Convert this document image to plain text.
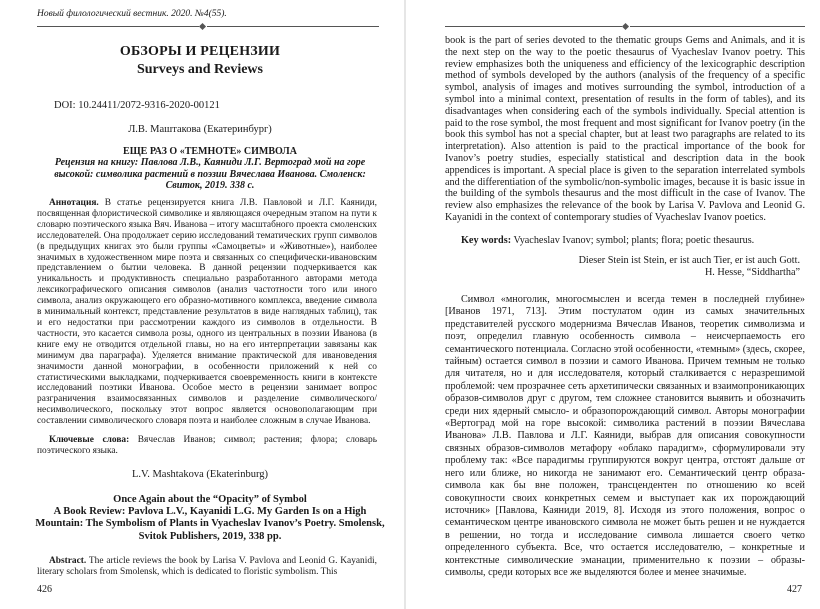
Новый филологический вестник. 2020. №4(55).
ОБЗОРЫ И РЕЦЕНЗИИ
Surveys and Reviews
DOI: 10.24411/2072-9316-2020-00121
Л.В. Маштакова (Екатеринбург)
ЕЩЕ РАЗ О «ТЕМНОТЕ» СИМВОЛА
Рецензия на книгу: Павлова Л.В., Каяниди Л.Г. Вертоград мой на горе высокой: символика растений в поэзии Вячеслава Иванова. Смоленск: Свиток, 2019. 338 с.
Аннотация. В статье рецензируется книга Л.В. Павловой и Л.Г. Каяниди, посвященная флористической символике и являющаяся очередным этапом на пути к словарю поэтического языка Вяч. Иванова – итогу масштабного проекта смоленских исследователей. Она продолжает серию исследований тематических групп символов (в предыдущих книгах это были группы «Самоцветы» и «Животные»), наиболее значимых в художественном мире поэта и связанных со специфически-ивановским представлением о бытии человека. В данной рецензии подчеркивается как уникальность и продуктивность специально разработанного авторами метода лексикографического описания символов (анализ частотности того или иного символа, анализ окружающего его образно-мотивного комплекса, введение символа в минимальный контекст, представление результатов в виде наглядных таблиц), так и его недостатки при рассмотрении каждого из символов в отдельности. В частности, это касается символа розы, одного из центральных в поэзии Иванова (в книге ему не отводится отдельной главы, но на его интерпретации завязаны как минимум два параграфа). Уделяется внимание практической для ивановедения значимости данной монографии, в особенности приложений к ней со статистическими выкладками, подчеркивается своевременность книги в контексте исследований поэтики Иванова. Особое место в рецензии занимает вопрос разграничения взаимосвязанных символов и разделение символического/несимволического, поскольку этот вопрос является основополагающим при составлении символического словаря поэта и наиболее сложным в случае Иванова.
Ключевые слова: Вячеслав Иванов; символ; растения; флора; словарь поэтического языка.
L.V. Mashtakova (Ekaterinburg)
Once Again about the “Opacity” of Symbol
A Book Review: Pavlova L.V., Kayanidi L.G. My Garden Is on a High Mountain: The Symbolism of Plants in Vyacheslav Ivanov’s Poetry. Smolensk, Svitok Publishers, 2019, 338 pp.
Abstract. The article reviews the book by Larisa V. Pavlova and Leonid G. Kayanidi, literary scholars from Smolensk, which is dedicated to floristic symbolism. This
426
book is the part of series devoted to the thematic groups Gems and Animals, and it is the next step on the way to the poetic thesaurus of Vyacheslav Ivanov poetry. This review emphasizes both the uniqueness and efficiency of the lexicographic description method of symbols developed by the authors (analysis of the frequency of a specific symbol, analysis of images and motives surrounding the symbol, introduction of a symbol into a minimal context, presentation of results in the form of tables), and its disadvantages when considering each of the symbols individually. Special attention is paid to the rose symbol, the most frequent and most significant for Ivanov poetry (in the book this symbol has not a special chapter, but at least two paragraphs are related to its interpretation). Also attention is paid to the practical importance of the book for Ivanov’s poetry studies, especially statistical and description data in the book appendices is important. A special place is given to the separation interrelated symbols and the differentiation of the symbolic/non-symbolic images, because it is basic issue in the building of the symbols thesaurus and the most difficult in the case of Ivanov. The review also emphasizes the relevance of the book by Larisa V. Pavlova and Leonid G. Kayanidi in the context of contemporary studies of Vyacheslav Ivanov poetics.
Key words: Vyacheslav Ivanov; symbol; plants; flora; poetic thesaurus.
Dieser Stein ist Stein, er ist auch Tier, er ist auch Gott.
H. Hesse, “Siddhartha”
Символ «многолик, многосмыслен и всегда темен в последней глубине» [Иванов 1971, 713]. Этим постулатом один из самых значительных представителей русского модернизма Вячеслав Иванов, теоретик символизма и поэт, определил главную особенность символа – неисчерпаемость его семантического потенциала. Согласно этой особенности, «темным» (здесь, скорее, тайным) остается символ в поэзии и самого Иванова. Причем темным не только для читателя, но и для исследователя, который сталкивается с неразрешимой проблемой: чем прозрачнее сеть архетипически связанных и взаимопроникающих образов-символов друг с другом, тем сложнее становится выявить и обозначить среди них ядерный смысло- и образопорождающий символ. Авторы монографии «Вертоград мой на горе высокой: символика растений в поэзии Вячеслава Иванова» Л.В. Павлова и Л.Г. Каяниди, выбрав для описания совокупности связных образов-символов метафору «облако парадигм», сформулировали эту проблему так: «Все парадигмы группируются вокруг центра, отстоят дальше от него или ближе, но никогда не занимают его. Семантический центр образа-символа как бы вне положен, трансцендентен по отношению ко всей совокупности своих конкретных семем и выступает как их порождающий источник» [Павлова, Каяниди 2019, 8]. Исходя из этого положения, вопрос о семантическом центре ивановского символа не может быть решен и не нуждается в решении, но тогда и исследование символа лишается своего четко определенного субъекта. Все, что остается исследователю, – конкретные и контекстные символические эманации, применительно к поэзии – образы-символы, среди которых все же выделяются более и менее значимые.
427
